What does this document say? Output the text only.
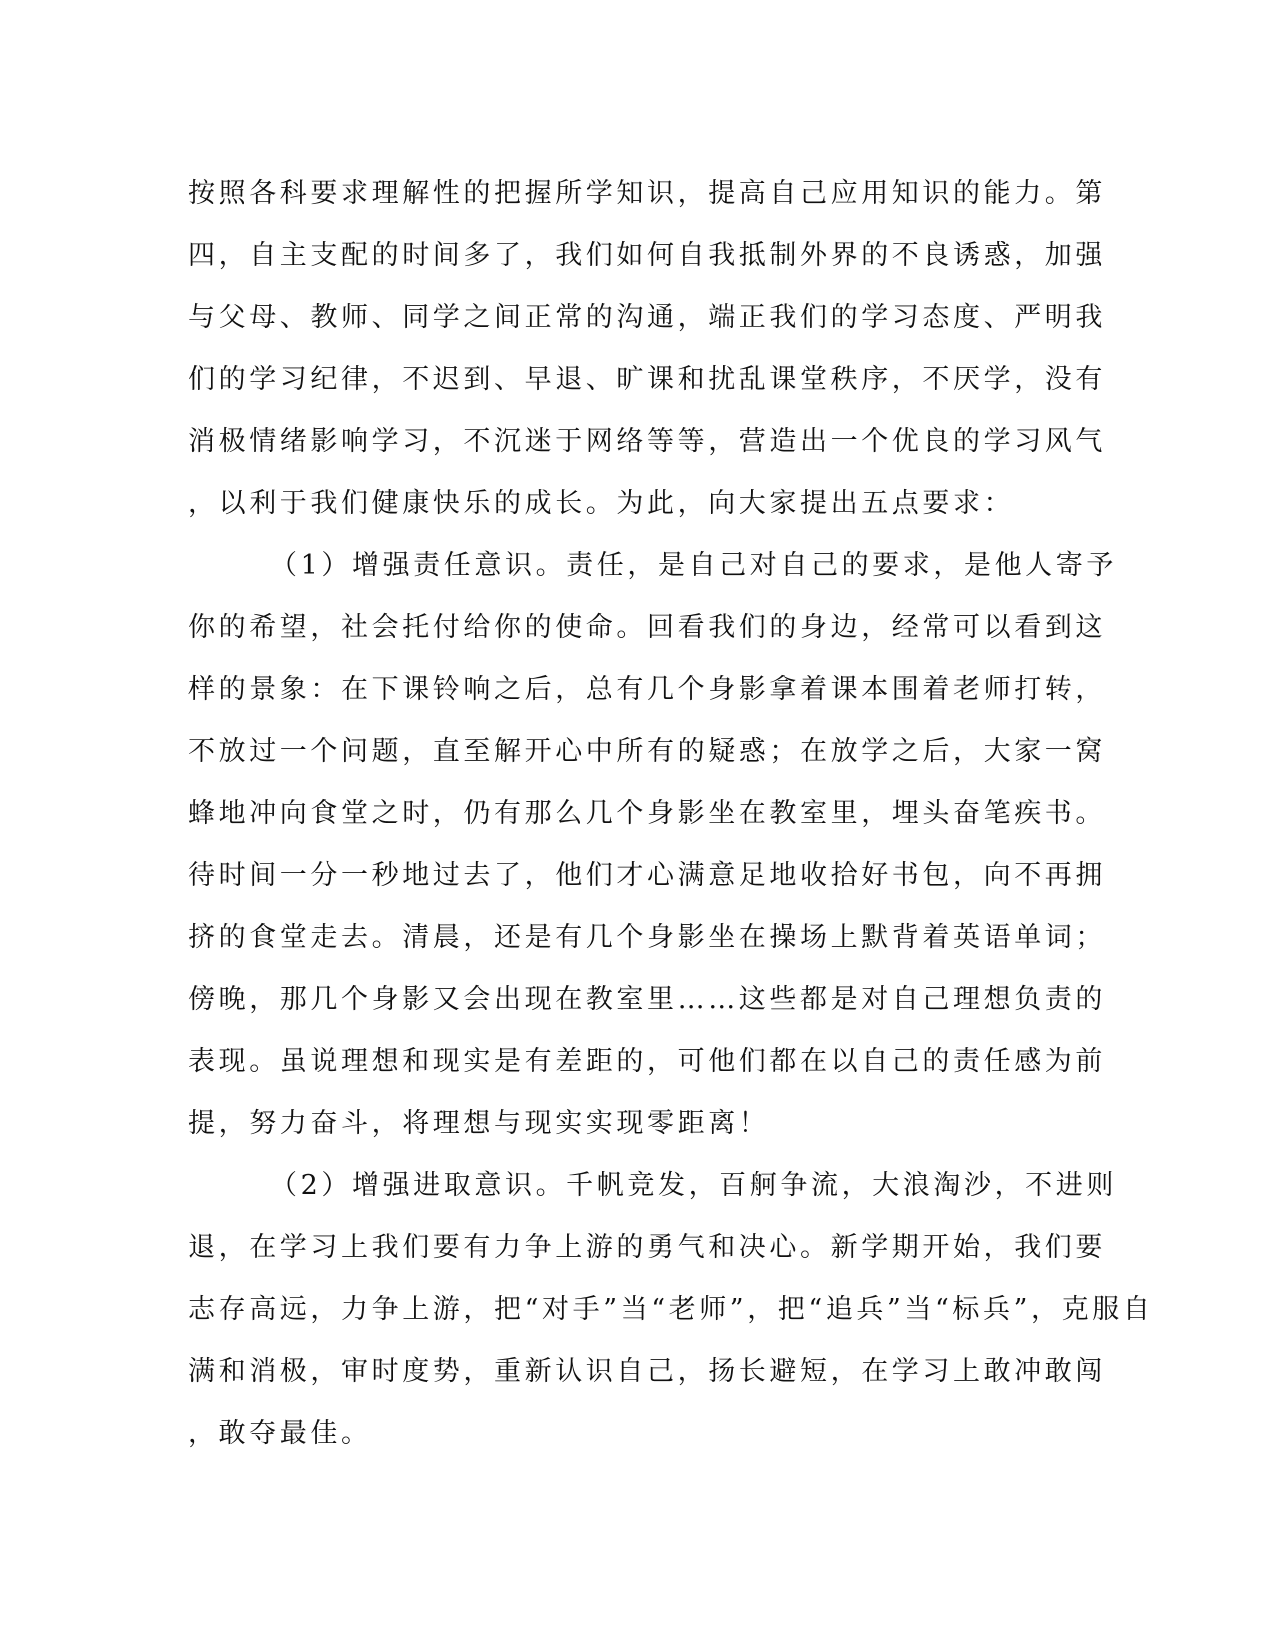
按照各科要求理解性的把握所学知识，提高自己应用知识的能力。第
四，自主支配的时间多了，我们如何自我抵制外界的不良诱惑，加强
与父母、教师、同学之间正常的沟通，端正我们的学习态度、严明我
们的学习纪律，不迟到、早退、旷课和扰乱课堂秩序，不厌学，没有
消极情绪影响学习，不沉迷于网络等等，营造出一个优良的学习风气
，以利于我们健康快乐的成长。为此，向大家提出五点要求：
（1）增强责任意识。责任，是自己对自己的要求，是他人寄予
你的希望，社会托付给你的使命。回看我们的身边，经常可以看到这
样的景象：在下课铃响之后，总有几个身影拿着课本围着老师打转，
不放过一个问题，直至解开心中所有的疑惑；在放学之后，大家一窝
蜂地冲向食堂之时，仍有那么几个身影坐在教室里，埋头奋笔疾书。
待时间一分一秒地过去了，他们才心满意足地收拾好书包，向不再拥
挤的食堂走去。清晨，还是有几个身影坐在操场上默背着英语单词；
傍晚，那几个身影又会出现在教室里……这些都是对自己理想负责的
表现。虽说理想和现实是有差距的，可他们都在以自己的责任感为前
提，努力奋斗，将理想与现实实现零距离！
（2）增强进取意识。千帆竞发，百舸争流，大浪淘沙，不进则
退，在学习上我们要有力争上游的勇气和决心。新学期开始，我们要
志存高远，力争上游，把“对手”当“老师”，把“追兵”当“标兵”，克服自
满和消极，审时度势，重新认识自己，扬长避短，在学习上敢冲敢闯
，敢夺最佳。
